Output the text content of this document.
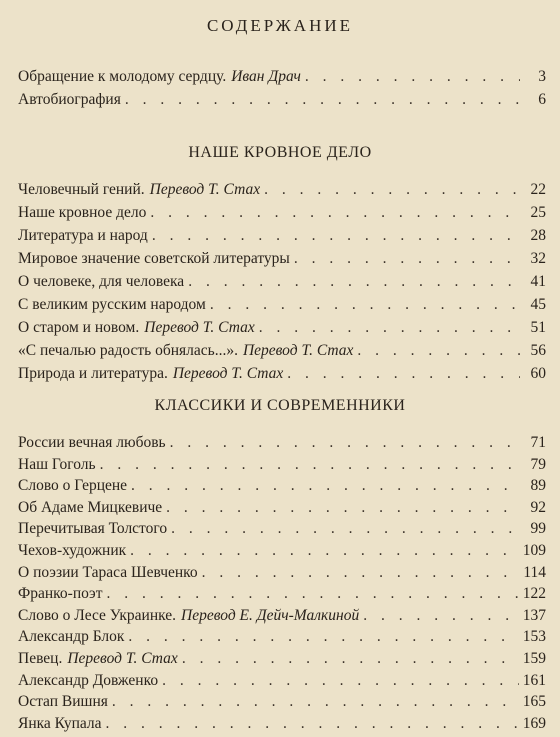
СОДЕРЖАНИЕ
Обращение к молодому сердцу. Иван Драч . . .	3
Автобиография . . .	6
НАШЕ КРОВНОЕ ДЕЛО
Человечный гений. Перевод Т. Стах . . .	22
Наше кровное дело . . .	25
Литература и народ . . .	28
Мировое значение советской литературы . . .	32
О человеке, для человека . . .	41
С великим русским народом . . .	45
О старом и новом. Перевод Т. Стах . . .	51
«С печалью радость обнялась...». Перевод Т. Стах . . .	56
Природа и литература. Перевод Т. Стах . . .	60
КЛАССИКИ И СОВРЕМЕННИКИ
России вечная любовь . . .	71
Наш Гоголь . . .	79
Слово о Герцене . . .	89
Об Адаме Мицкевиче . . .	92
Перечитывая Толстого . . .	99
Чехов-художник . . .	109
О поэзии Тараса Шевченко . . .	114
Франко-поэт . . .	122
Слово о Лесе Украинке. Перевод Е. Дейч-Малкиной . . .	137
Александр Блок . . .	153
Певец. Перевод Т. Стах . . .	159
Александр Довженко . . .	161
Остап Вишня . . .	165
Янка Купала . . .	169
